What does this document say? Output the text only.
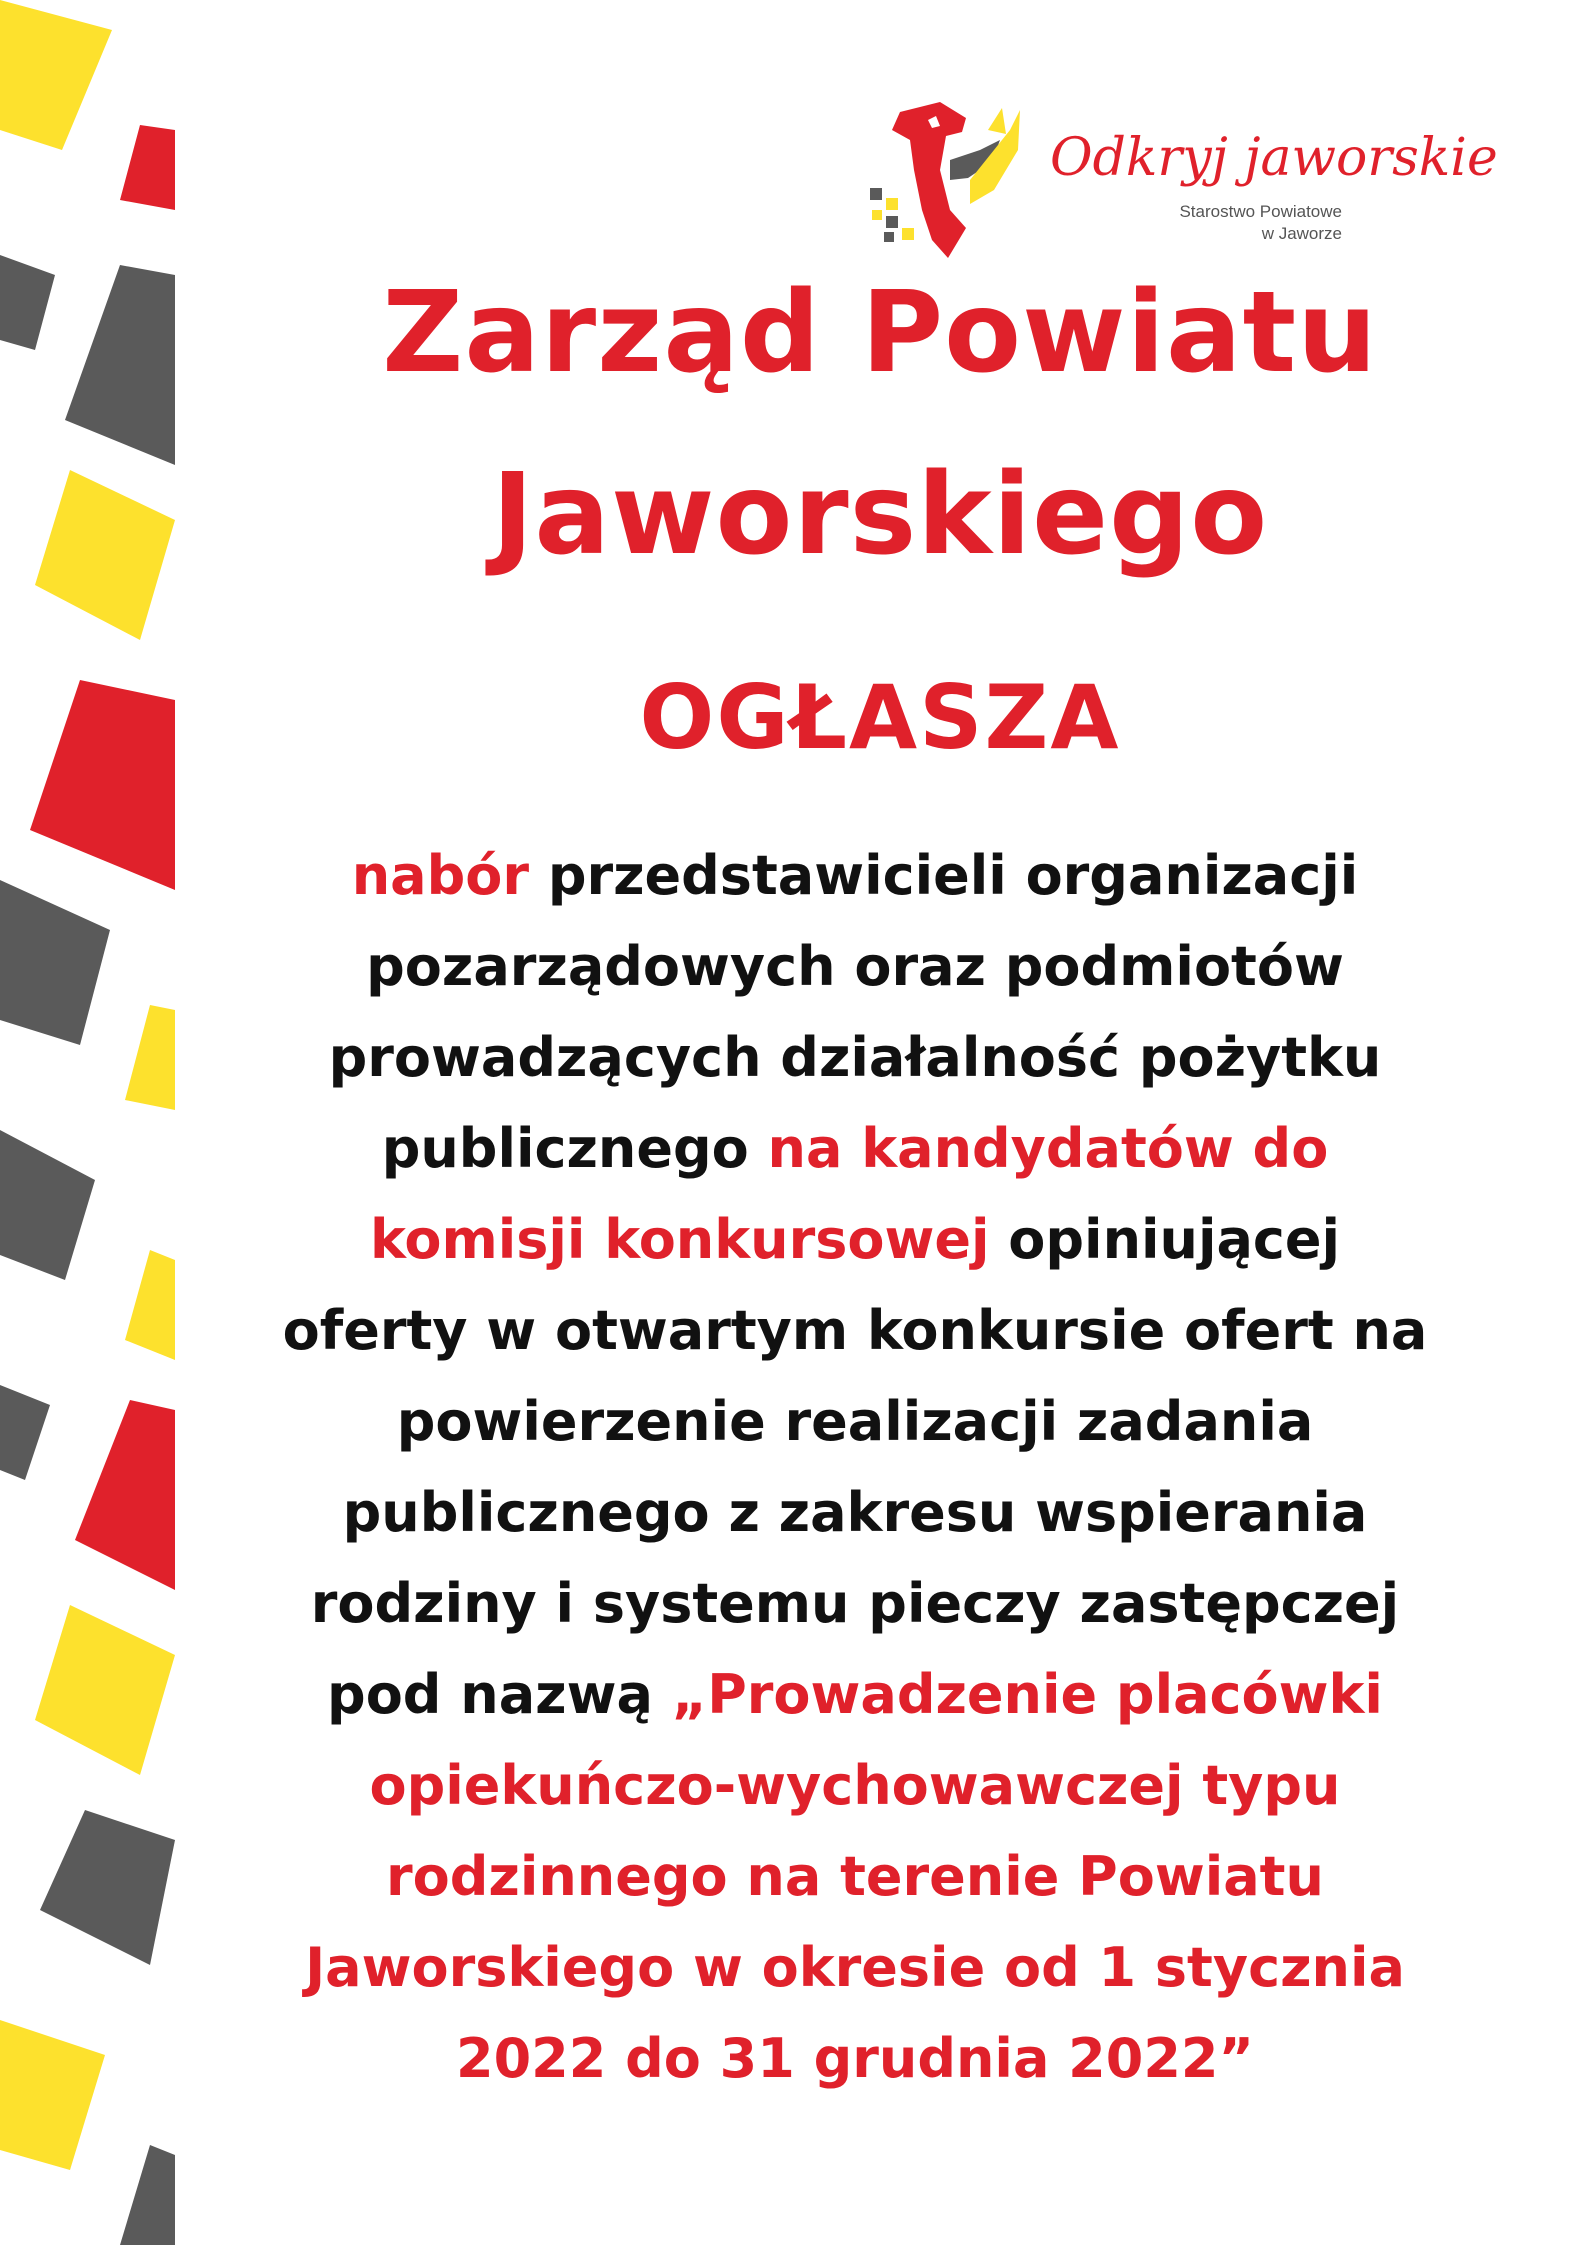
Odkryj jaworskie
Starostwo Powiatowe
w Jaworze
Zarząd Powiatu
Jaworskiego
OGŁASZA
nabór przedstawicieli organizacji
pozarządowych oraz podmiotów
prowadzących działalność pożytku
publicznego na kandydatów do
komisji konkursowej opiniującej
oferty w otwartym konkursie ofert na
powierzenie realizacji zadania
publicznego z zakresu wspierania
rodziny i systemu pieczy zastępczej
pod nazwą „Prowadzenie placówki
opiekuńczo-wychowawczej typu
rodzinnego na terenie Powiatu
Jaworskiego w okresie od 1 stycznia
2022 do 31 grudnia 2022”
